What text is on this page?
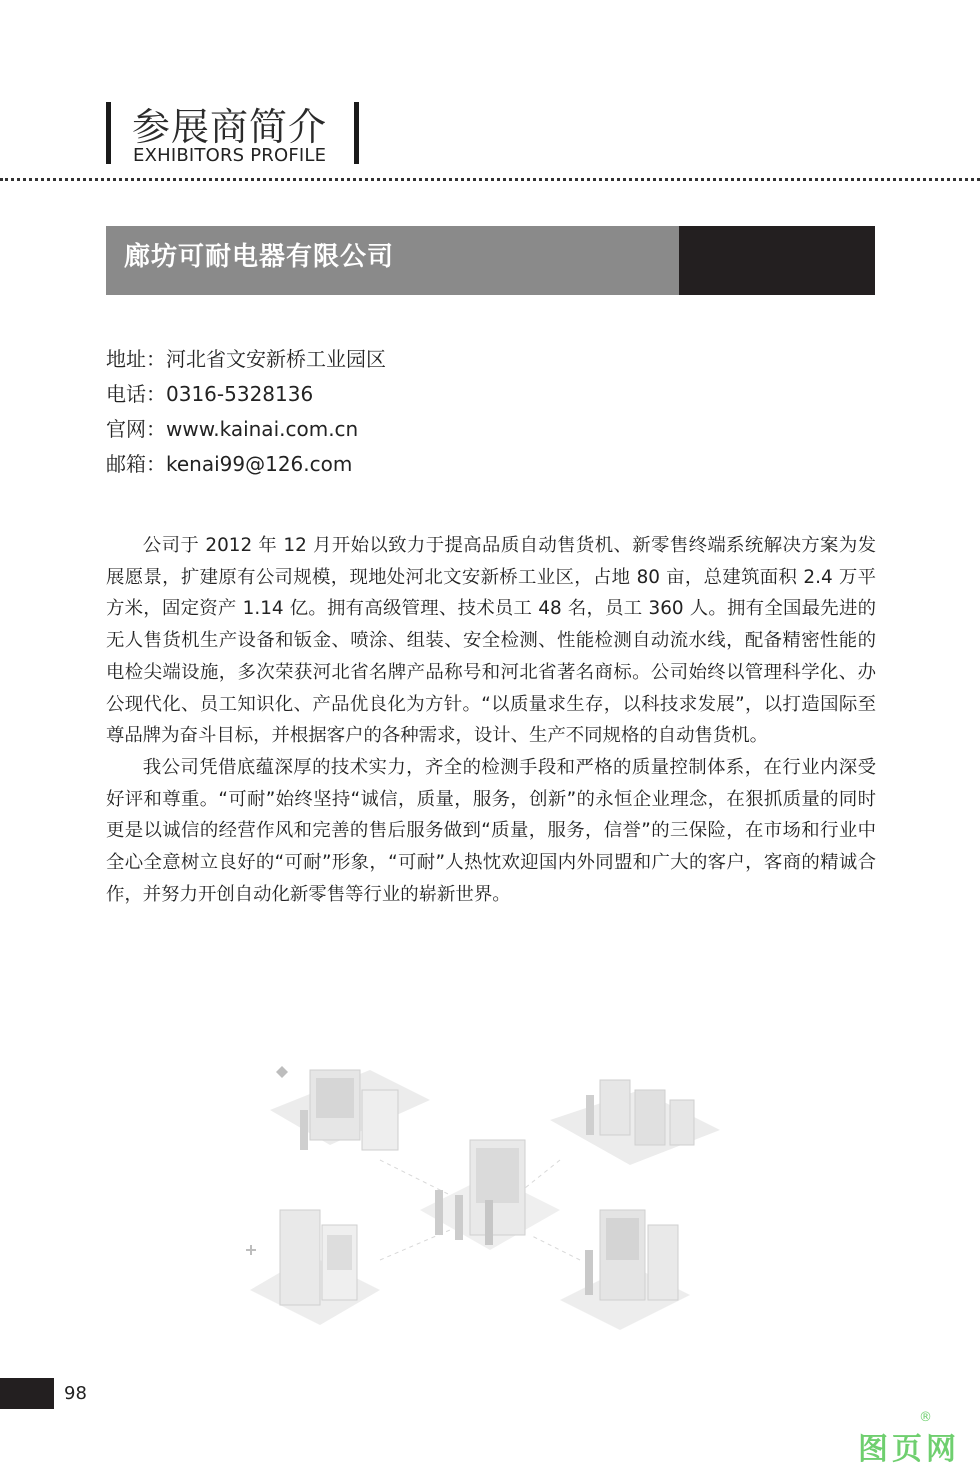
参展商简介
EXHIBITORS PROFILE
廊坊可耐电器有限公司
地址：河北省文安新桥工业园区
电话：0316-5328136
官网：www.kainai.com.cn
邮箱：kenai99@126.com

公司于 2012 年 12 月开始以致力于提高品质自动售货机、新零售终端系统解决方案为发展愿景，扩建原有公司规模，现地处河北文安新桥工业区，占地 80 亩，总建筑面积 2.4 万平方米，固定资产 1.14 亿。拥有高级管理、技术员工 48 名，员工 360 人。拥有全国最先进的无人售货机生产设备和钣金、喷涂、组装、安全检测、性能检测自动流水线，配备精密性能的电检尖端设施，多次荣获河北省名牌产品称号和河北省著名商标。公司始终以管理科学化、办公现代化、员工知识化、产品优良化为方针。“以质量求生存，以科技求发展”，以打造国际至尊品牌为奋斗目标，并根据客户的各种需求，设计、生产不同规格的自动售货机。

我公司凭借底蕴深厚的技术实力，齐全的检测手段和严格的质量控制体系，在行业内深受好评和尊重。“可耐”始终坚持“诚信，质量，服务，创新”的永恒企业理念，在狠抓质量的同时更是以诚信的经营作风和完善的售后服务做到“质量，服务，信誉”的三保险，在市场和行业中全心全意树立良好的“可耐”形象，“可耐”人热忱欢迎国内外同盟和广大的客户，客商的精诚合作，并努力开创自动化新零售等行业的崭新世界。

98
®
图页网
